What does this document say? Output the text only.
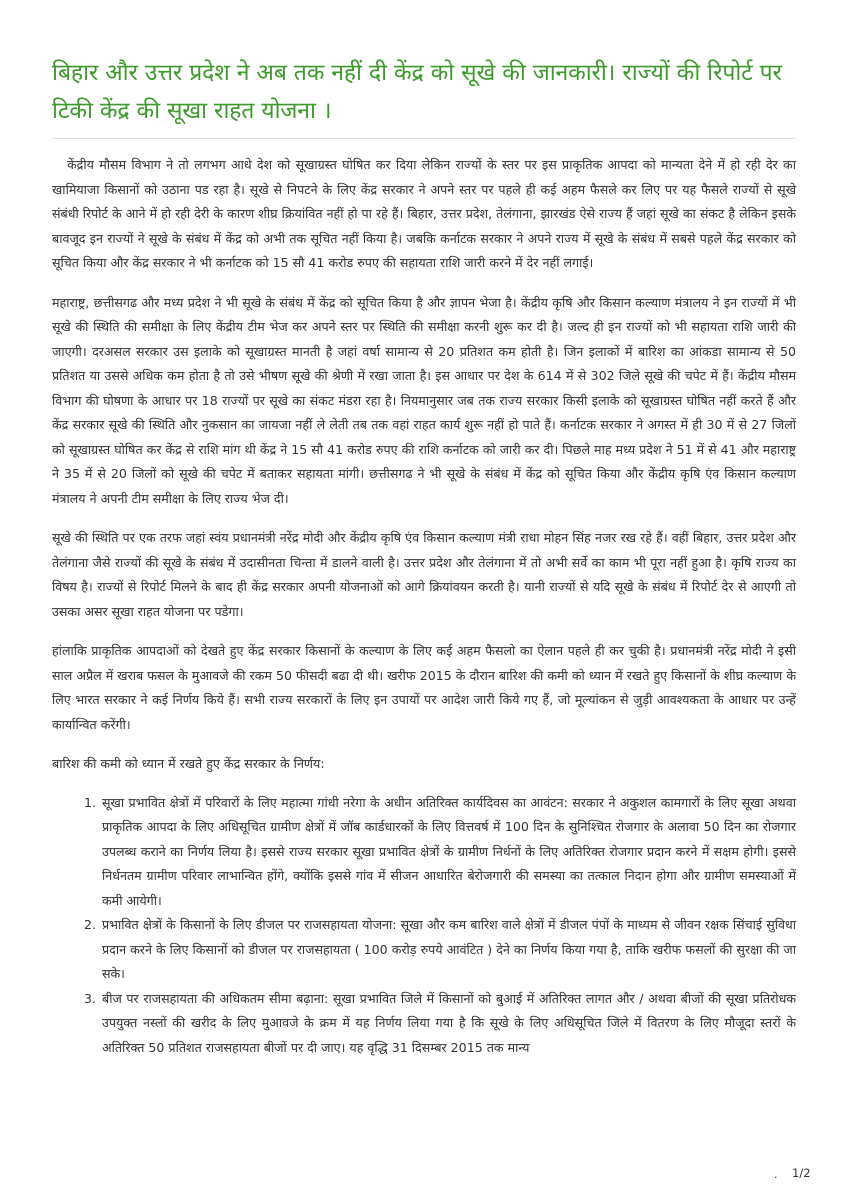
बिहार और उत्तर प्रदेश ने अब तक नहीं दी केंद्र को सूखे की जानकारी। राज्यों की रिपोर्ट पर टिकी केंद्र की सूखा राहत योजना ।

केंद्रीय मौसम विभाग ने तो लगभग आधे देश को सूखाग्रस्त घोषित कर दिया लेकिन राज्यों के स्तर पर इस प्राकृतिक आपदा को मान्यता देने में हो रही देर का खामियाजा किसानों को उठाना पड रहा है। सूखे से निपटने के लिए केंद्र सरकार ने अपने स्तर पर पहले ही कई अहम फैसले कर लिए पर यह फैसले राज्यों से सूखे संबंधी रिपोर्ट के आने में हो रही देरी के कारण शीघ्र क्रियांवित नहीं हो पा रहे हैं। बिहार, उत्तर प्रदेश, तेलंगाना, झारखंड ऐसे राज्य हैं जहां सूखे का संकट है लेकिन इसके बावजूद इन राज्यों ने सूखे के संबंध में केंद्र को अभी तक सूचित नहीं किया है। जबकि कर्नाटक सरकार ने अपने राज्य में सूखे के संबंध में सबसे पहले केंद्र सरकार को सूचित किया और केंद्र सरकार ने भी कर्नाटक को 15 सौ 41 करोड रुपए की सहायता राशि जारी करने में देर नहीं लगाई।

महाराष्ट्र, छत्तीसगढ और मध्य प्रदेश ने भी सूखे के संबंध में केंद्र को सूचित किया है और ज्ञापन भेजा है। केंद्रीय कृषि और किसान कल्याण मंत्रालय ने इन राज्यों में भी सूखे की स्थिति की समीक्षा के लिए केंद्रीय टीम भेज कर अपने स्तर पर स्थिति की समीक्षा करनी शुरू कर दी है। जल्द ही इन राज्यों को भी सहायता राशि जारी की जाएगी। दरअसल सरकार उस इलाके को सूखाग्रस्त मानती है जहां वर्षा सामान्य से 20 प्रतिशत कम होती है। जिन इलाकों में बारिश का आंकडा सामान्य से 50 प्रतिशत या उससे अधिक कम होता है तो उसे भीषण सूखे की श्रेणी में रखा जाता है। इस आधार पर देश के 614 में से 302 जिले सूखे की चपेट में हैं। केंद्रीय मौसम विभाग की घोषणा के आधार पर 18 राज्यों पर सूखे का संकट मंडरा रहा है। नियमानुसार जब तक राज्य सरकार किसी इलाके को सूखाग्रस्त घोषित नहीं करते हैं और केंद्र सरकार सूखे की स्थिति और नुकसान का जायजा नहीं ले लेती तब तक वहां राहत कार्य शुरू नहीं हो पाते हैं। कर्नाटक सरकार ने अगस्त में ही 30 में से 27 जिलों को सूखाग्रस्त घोषित कर केंद्र से राशि मांग थी केंद्र ने 15 सौ 41 करोड रुपए की राशि कर्नाटक को जारी कर दी। पिछले माह मध्य प्रदेश ने 51 में से 41 और महाराष्ट्र ने 35 में से 20 जिलों को सूखे की चपेट में बताकर सहायता मांगी। छत्तीसगढ ने भी सूखे के संबंध में केंद्र को सूचित किया और केंद्रीय कृषि एंव किसान कल्याण मंत्रालय ने अपनी टीम समीक्षा के लिए राज्य भेज दी।

सूखे की स्थिति पर एक तरफ जहां स्वंय प्रधानमंत्री नरेंद्र मोदी और केंद्रीय कृषि एंव किसान कल्याण मंत्री राधा मोहन सिंह नजर रख रहे हैं। वहीं बिहार, उत्तर प्रदेश और तेलंगाना जैसे राज्यों की सूखे के संबंध में उदासीनता चिन्ता में डालने वाली है। उत्तर प्रदेश और तेलंगाना में तो अभी सर्वे का काम भी पूरा नहीं हुआ है। कृषि राज्य का विषय है। राज्यों से रिपोर्ट मिलने के बाद ही केंद्र सरकार अपनी योजनाओं को आगे क्रियांवयन करती है। यानी राज्यों से यदि सूखे के संबंध में रिपोर्ट देर से आएगी तो उसका असर सूखा राहत योजना पर पडेगा।

हांलाकि प्राकृतिक आपदाओं को देखते हुए केंद्र सरकार किसानों के कल्याण के लिए कई अहम फैसलो का ऐलान पहले ही कर चुकी है। प्रधानमंत्री नरेंद्र मोदी ने इसी साल अप्रैल में खराब फसल के मुआवजे की रकम 50 फीसदी बढा दी थी। खरीफ 2015 के दौरान बारिश की कमी को ध्यान में रखते हुए किसानों के शीघ्र कल्याण के लिए भारत सरकार ने कई निर्णय किये हैं। सभी राज्य सरकारों के लिए इन उपायों पर आदेश जारी किये गए हैं, जो मूल्यांकन से जुड़ी आवश्यकता के आधार पर उन्हें कार्यान्वित करेंगी।

बारिश की कमी को ध्यान में रखते हुए केंद्र सरकार के निर्णय:

1. सूखा प्रभावित क्षेत्रों में परिवारों के लिए महात्मा गांधी नरेगा के अधीन अतिरिक्त कार्यदिवस का आवंटन: सरकार ने अकुशल कामगारों के लिए सूखा अथवा प्राकृतिक आपदा के लिए अधिसूचित ग्रामीण क्षेत्रों में जॉब कार्डधारकों के लिए वित्तवर्ष में 100 दिन के सुनिश्चित रोजगार के अलावा 50 दिन का रोजगार उपलब्ध कराने का निर्णय लिया है। इससे राज्य सरकार सूखा प्रभावित क्षेत्रों के ग्रामीण निर्धनों के लिए अतिरिक्त रोजगार प्रदान करने में सक्षम होगी। इससे निर्धनतम ग्रामीण परिवार लाभान्वित होंगे, क्योंकि इससे गांव में सीजन आधारित बेरोजगारी की समस्या का तत्काल निदान होगा और ग्रामीण समस्याओं में कमी आयेगी।
2. प्रभावित क्षेत्रों के किसानों के लिए डीजल पर राजसहायता योजना: सूखा और कम बारिश वाले क्षेत्रों में डीजल पंपों के माध्यम से जीवन रक्षक सिंचाई सुविधा प्रदान करने के लिए किसानों को डीजल पर राजसहायता ( 100 करोड़ रुपये आवंटित ) देने का निर्णय किया गया है, ताकि खरीफ फसलों की सुरक्षा की जा सके।
3. बीज पर राजसहायता की अधिकतम सीमा बढ़ाना: सूखा प्रभावित जिले में किसानों को बुआई में अतिरिक्त लागत और / अथवा बीजों की सूखा प्रतिरोधक उपयुक्त नस्लों की खरीद के लिए मुआवजे के क्रम में यह निर्णय लिया गया है कि सूखे के लिए अधिसूचित जिले में वितरण के लिए मौजूदा स्तरों के अतिरिक्त 50 प्रतिशत राजसहायता बीजों पर दी जाए। यह वृद्धि 31 दिसम्बर 2015 तक मान्य
. 1/2
